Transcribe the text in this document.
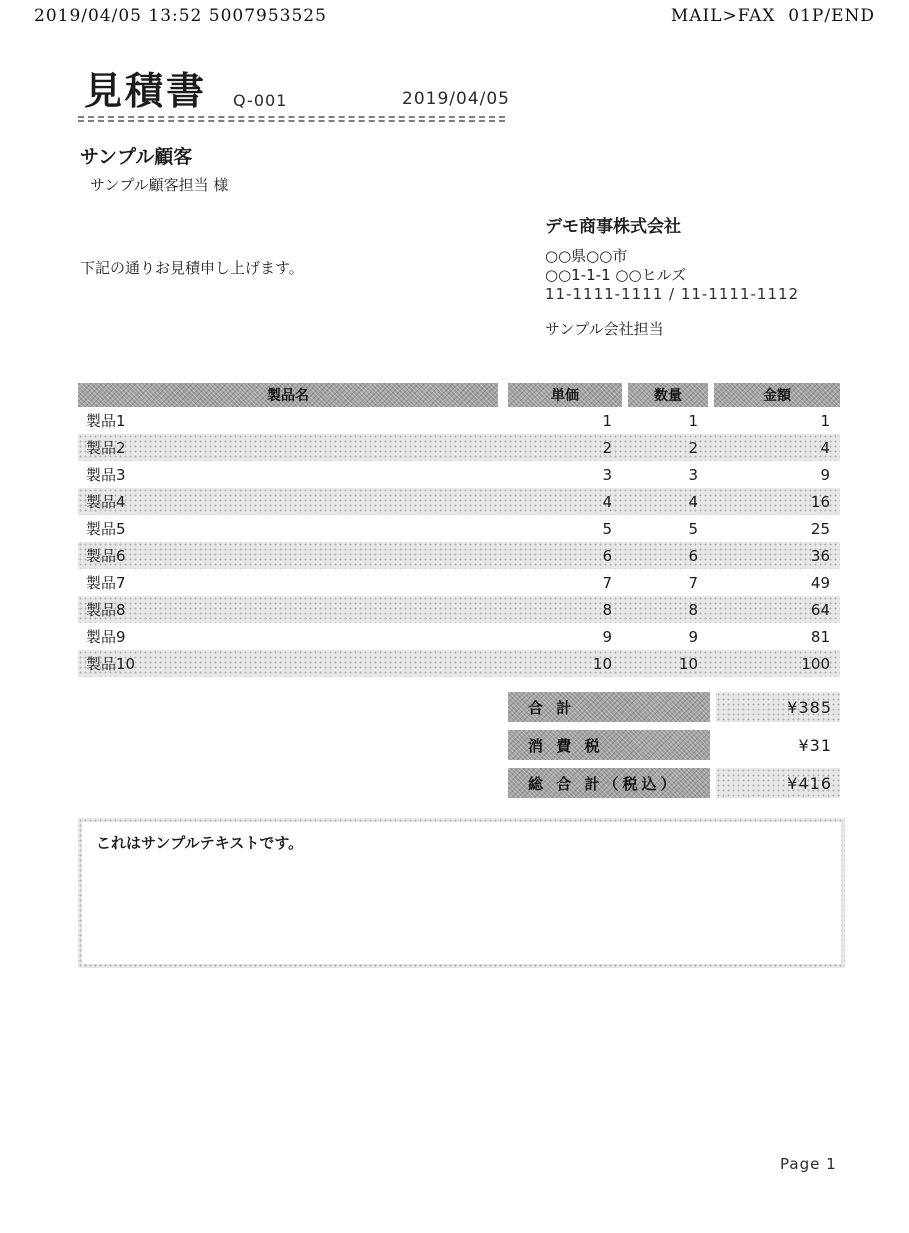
2019/04/05 13:52 5007953525	MAIL>FAX  01P/END
見積書 Q-001	2019/04/05
サンプル顧客
サンプル顧客担当 様
下記の通りお見積申し上げます。
デモ商事株式会社
○○県○○市
○○1-1-1 ○○ヒルズ
11-1111-1111 / 11-1111-1112
サンプル会社担当
製品名	単価	数量	金額
製品1	1	1	1
製品2	2	2	4
製品3	3	3	9
製品4	4	4	16
製品5	5	5	25
製品6	6	6	36
製品7	7	7	49
製品8	8	8	64
製品9	9	9	81
製品10	10	10	100
合 計	¥385
消 費 税	¥31
総 合 計（税込）	¥416
これはサンプルテキストです。
Page 1
